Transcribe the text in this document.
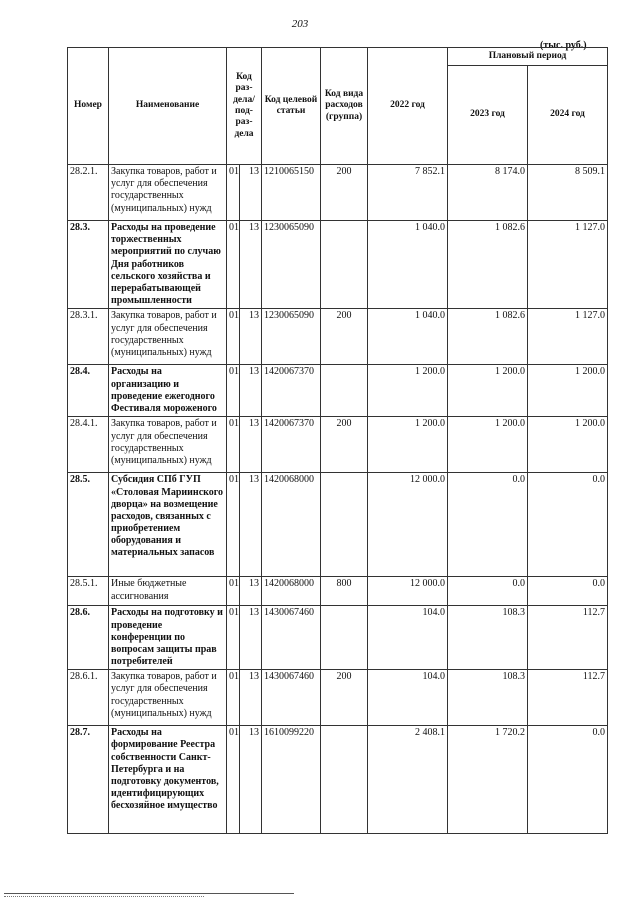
203
(тыс. руб.)
Номер	Наименование	Код раз-дела/ под-раз-дела		Код целевой статьи	Код вида расходов (группа)	2022 год	Плановый период	
							2023 год	2024 год
28.2.1.	Закупка товаров, работ и услуг для обеспечения государственных (муниципальных) нужд	01	13	1210065150	200	7 852.1	8 174.0	8 509.1
28.3.	Расходы на проведение торжественных мероприятий по случаю Дня работников сельского хозяйства и перерабатывающей промышленности	01	13	1230065090		1 040.0	1 082.6	1 127.0
28.3.1.	Закупка товаров, работ и услуг для обеспечения государственных (муниципальных) нужд	01	13	1230065090	200	1 040.0	1 082.6	1 127.0
28.4.	Расходы на организацию и проведение ежегодного Фестиваля мороженого	01	13	1420067370		1 200.0	1 200.0	1 200.0
28.4.1.	Закупка товаров, работ и услуг для обеспечения государственных (муниципальных) нужд	01	13	1420067370	200	1 200.0	1 200.0	1 200.0
28.5.	Субсидия СПб ГУП «Столовая Мариинского дворца» на возмещение расходов, связанных с приобретением оборудования и материальных запасов	01	13	1420068000		12 000.0	0.0	0.0
28.5.1.	Иные бюджетные ассигнования	01	13	1420068000	800	12 000.0	0.0	0.0
28.6.	Расходы на подготовку и проведение конференции по вопросам защиты прав потребителей	01	13	1430067460		104.0	108.3	112.7
28.6.1.	Закупка товаров, работ и услуг для обеспечения государственных (муниципальных) нужд	01	13	1430067460	200	104.0	108.3	112.7
28.7.	Расходы на формирование Реестра собственности Санкт-Петербурга и на подготовку документов, идентифицирующих бесхозяйное имущество	01	13	1610099220		2 408.1	1 720.2	0.0
